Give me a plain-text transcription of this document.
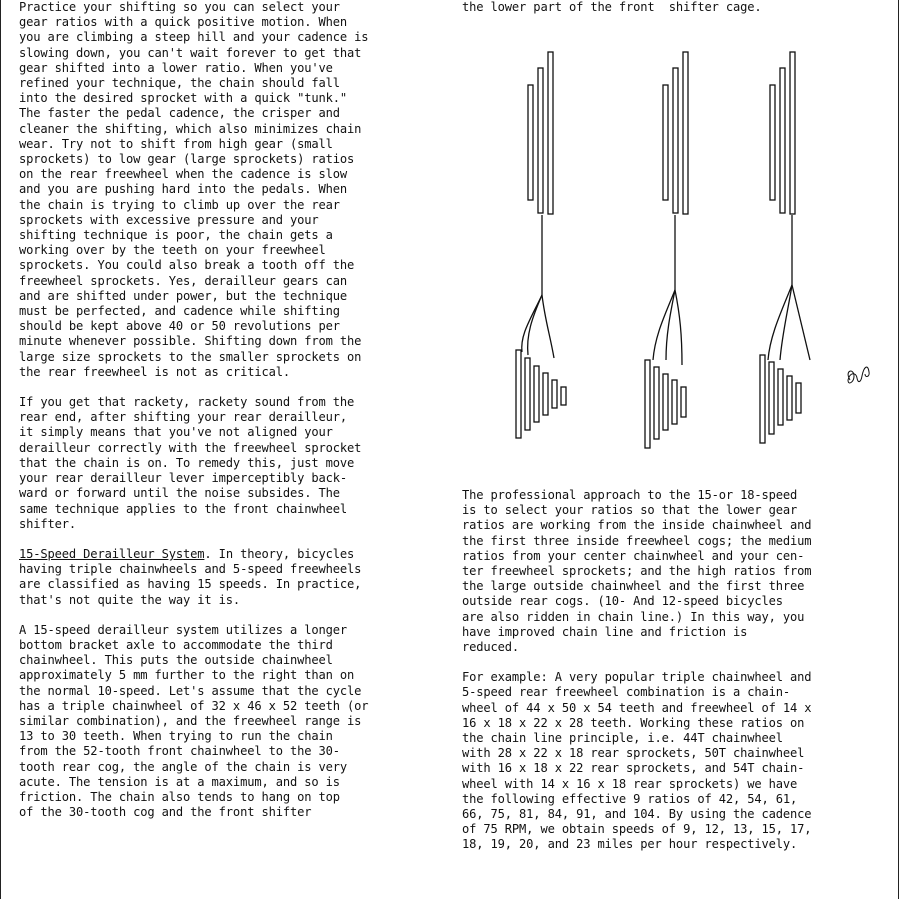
Practice your shifting so you can select your

gear ratios with a quick positive motion. When

you are climbing a steep hill and your cadence is

slowing down, you can't wait forever to get that

gear shifted into a lower ratio. When you've

refined your technique, the chain should fall

into the desired sprocket with a quick "tunk."

The faster the pedal cadence, the crisper and

cleaner the shifting, which also minimizes chain

wear. Try not to shift from high gear (small

sprockets) to low gear (large sprockets) ratios

on the rear freewheel when the cadence is slow

and you are pushing hard into the pedals. When

the chain is trying to climb up over the rear

sprockets with excessive pressure and your

shifting technique is poor, the chain gets a

working over by the teeth on your freewheel

sprockets. You could also break a tooth off the

freewheel sprockets. Yes, derailleur gears can

and are shifted under power, but the technique

must be perfected, and cadence while shifting

should be kept above 40 or 50 revolutions per

minute whenever possible. Shifting down from the

large size sprockets to the smaller sprockets on

the rear freewheel is not as critical.

If you get that rackety, rackety sound from the

rear end, after shifting your rear derailleur,

it simply means that you've not aligned your

derailleur correctly with the freewheel sprocket

that the chain is on. To remedy this, just move

your rear derailleur lever imperceptibly back-

ward or forward until the noise subsides. The

same technique applies to the front chainwheel

shifter.

15-Speed Derailleur System. In theory, bicycles

having triple chainwheels and 5-speed freewheels

are classified as having 15 speeds. In practice,

that's not quite the way it is.

A 15-speed derailleur system utilizes a longer

bottom bracket axle to accommodate the third

chainwheel. This puts the outside chainwheel

approximately 5 mm further to the right than on

the normal 10-speed. Let's assume that the cycle

has a triple chainwheel of 32 x 46 x 52 teeth (or

similar combination), and the freewheel range is

13 to 30 teeth. When trying to run the chain

from the 52-tooth front chainwheel to the 30-

tooth rear cog, the angle of the chain is very

acute. The tension is at a maximum, and so is

friction. The chain also tends to hang on top

of the 30-tooth cog and the front shifter

the lower part of the front  shifter cage.

The professional approach to the 15-or 18-speed

is to select your ratios so that the lower gear

ratios are working from the inside chainwheel and

the first three inside freewheel cogs; the medium

ratios from your center chainwheel and your cen-

ter freewheel sprockets; and the high ratios from

the large outside chainwheel and the first three

outside rear cogs. (10- And 12-speed bicycles

are also ridden in chain line.) In this way, you

have improved chain line and friction is

reduced.

For example: A very popular triple chainwheel and

5-speed rear freewheel combination is a chain-

wheel of 44 x 50 x 54 teeth and freewheel of 14 x

16 x 18 x 22 x 28 teeth. Working these ratios on

the chain line principle, i.e. 44T chainwheel

with 28 x 22 x 18 rear sprockets, 50T chainwheel

with 16 x 18 x 22 rear sprockets, and 54T chain-

wheel with 14 x 16 x 18 rear sprockets) we have

the following effective 9 ratios of 42, 54, 61,

66, 75, 81, 84, 91, and 104. By using the cadence

of 75 RPM, we obtain speeds of 9, 12, 13, 15, 17,

18, 19, 20, and 23 miles per hour respectively.
